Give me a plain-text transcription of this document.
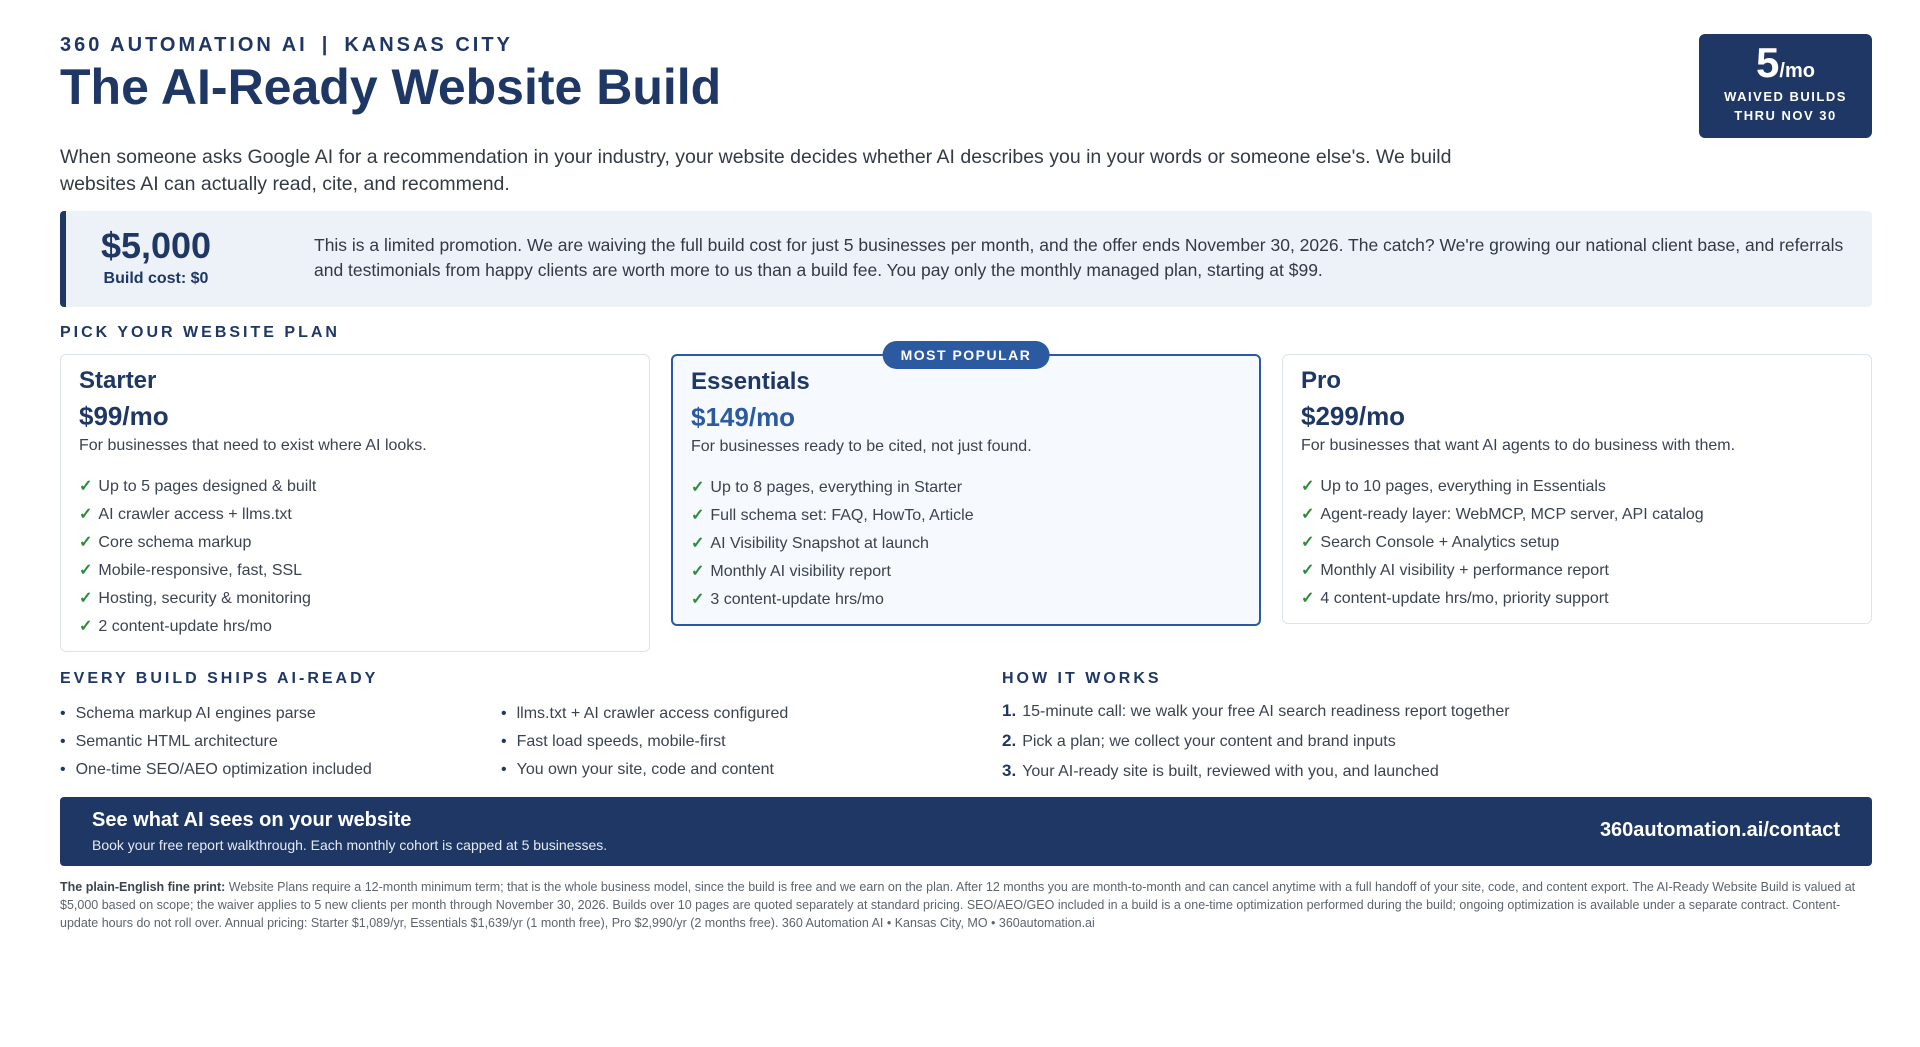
360 AUTOMATION AI | KANSAS CITY
The AI-Ready Website Build	5/mo
WAIVED BUILDS
THRU NOV 30
When someone asks Google AI for a recommendation in your industry, your website decides whether AI describes you in your words or someone else's. We build websites AI can actually read, cite, and recommend.
$5,000
Build cost: $0
This is a limited promotion. We are waiving the full build cost for just 5 businesses per month, and the offer ends November 30, 2026. The catch? We're growing our national client base, and referrals and testimonials from happy clients are worth more to us than a build fee. You pay only the monthly managed plan, starting at $99.
PICK YOUR WEBSITE PLAN
Starter
$99/mo
For businesses that need to exist where AI looks.
✓ Up to 5 pages designed & built
✓ AI crawler access + llms.txt
✓ Core schema markup
✓ Mobile-responsive, fast, SSL
✓ Hosting, security & monitoring
✓ 2 content-update hrs/mo
MOST POPULAR
Essentials
$149/mo
For businesses ready to be cited, not just found.
✓ Up to 8 pages, everything in Starter
✓ Full schema set: FAQ, HowTo, Article
✓ AI Visibility Snapshot at launch
✓ Monthly AI visibility report
✓ 3 content-update hrs/mo
Pro
$299/mo
For businesses that want AI agents to do business with them.
✓ Up to 10 pages, everything in Essentials
✓ Agent-ready layer: WebMCP, MCP server, API catalog
✓ Search Console + Analytics setup
✓ Monthly AI visibility + performance report
✓ 4 content-update hrs/mo, priority support
EVERY BUILD SHIPS AI-READY
• Schema markup AI engines parse
• Semantic HTML architecture
• One-time SEO/AEO optimization included
• llms.txt + AI crawler access configured
• Fast load speeds, mobile-first
• You own your site, code and content
HOW IT WORKS
1. 15-minute call: we walk your free AI search readiness report together
2. Pick a plan; we collect your content and brand inputs
3. Your AI-ready site is built, reviewed with you, and launched
See what AI sees on your website
Book your free report walkthrough. Each monthly cohort is capped at 5 businesses.
360automation.ai/contact
The plain-English fine print: Website Plans require a 12-month minimum term; that is the whole business model, since the build is free and we earn on the plan. After 12 months you are month-to-month and can cancel anytime with a full handoff of your site, code, and content export. The AI-Ready Website Build is valued at $5,000 based on scope; the waiver applies to 5 new clients per month through November 30, 2026. Builds over 10 pages are quoted separately at standard pricing. SEO/AEO/GEO included in a build is a one-time optimization performed during the build; ongoing optimization is available under a separate contract. Content-update hours do not roll over. Annual pricing: Starter $1,089/yr, Essentials $1,639/yr (1 month free), Pro $2,990/yr (2 months free). 360 Automation AI • Kansas City, MO • 360automation.ai
